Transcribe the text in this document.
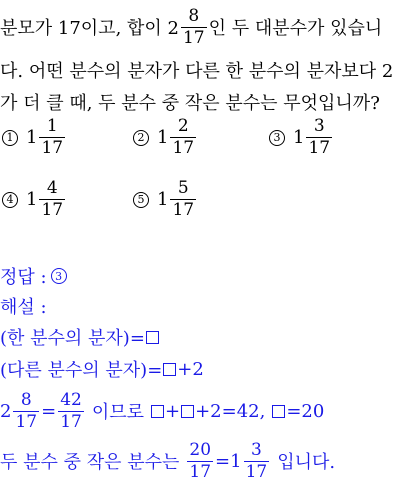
분모가 17이고, 합이 $2 \frac{8}{17}$ 인 두 대분수가 있습니
다. 어떤 분수의 분자가 다른 한 분수의 분자보다 2
가 더 클 때, 두 분수 중 작은 분수는 무엇입니까?
1 $1 \frac{1}{17}$	2 $1 \frac{2}{17}$	3 $1 \frac{3}{17}$
4 $1 \frac{4}{17}$	5 $1 \frac{5}{17}$
정답 : 3
해설 :
(한 분수의 분자)=
(다른 분수의 분자)= +2
$2 \frac{8}{17} = \frac{42}{17}$ 이므로 + +2=42, =20
두 분수 중 작은 분수는 $\frac{20}{17} =1 \frac{3}{17}$ 입니다.
